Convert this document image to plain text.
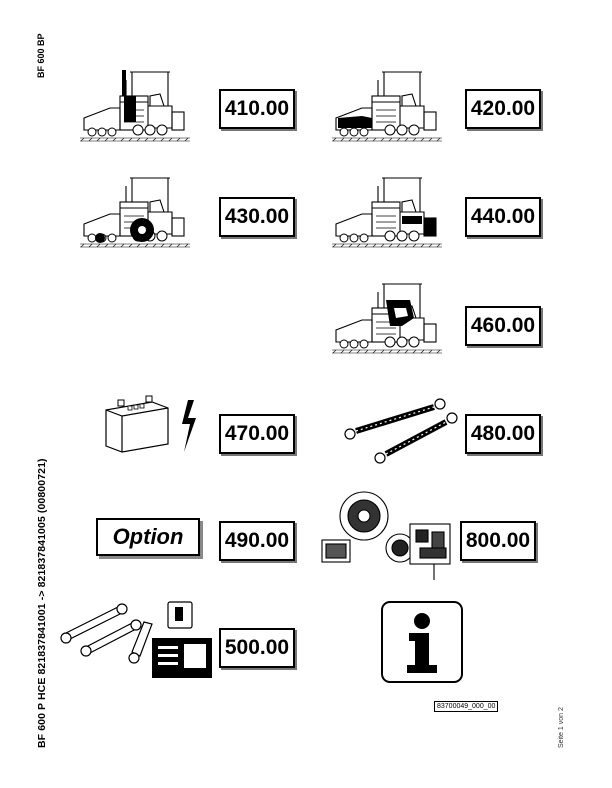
BF 600 BP
BF 600 P HCE 821837841001 -> 821837841005 (00800721)	Seite 1 von 2
410.00	420.00
430.00	440.00
460.00
470.00	480.00
Option	490.00	800.00
500.00
83700049_000_00
